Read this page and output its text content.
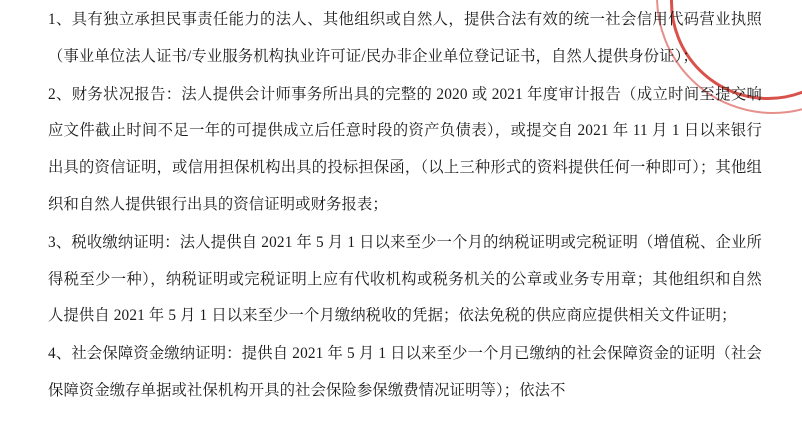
1、具有独立承担民事责任能力的法人、其他组织或自然人，提供合法有效的统一社会信用代码营业执照（事业单位法人证书/专业服务机构执业许可证/民办非企业单位登记证书，自然人提供身份证）；

2、财务状况报告：法人提供会计师事务所出具的完整的 2020 或 2021 年度审计报告（成立时间至提交响应文件截止时间不足一年的可提供成立后任意时段的资产负债表），或提交自 2021 年 11 月 1 日以来银行出具的资信证明，或信用担保机构出具的投标担保函，（以上三种形式的资料提供任何一种即可）；其他组织和自然人提供银行出具的资信证明或财务报表；

3、税收缴纳证明：法人提供自 2021 年 5 月 1 日以来至少一个月的纳税证明或完税证明（增值税、企业所得税至少一种），纳税证明或完税证明上应有代收机构或税务机关的公章或业务专用章；其他组织和自然人提供自 2021 年 5 月 1 日以来至少一个月缴纳税收的凭据；依法免税的供应商应提供相关文件证明；

4、社会保障资金缴纳证明：提供自 2021 年 5 月 1 日以来至少一个月已缴纳的社会保障资金的证明（社会保障资金缴存单据或社保机构开具的社会保险参保缴费情况证明等）；依法不
